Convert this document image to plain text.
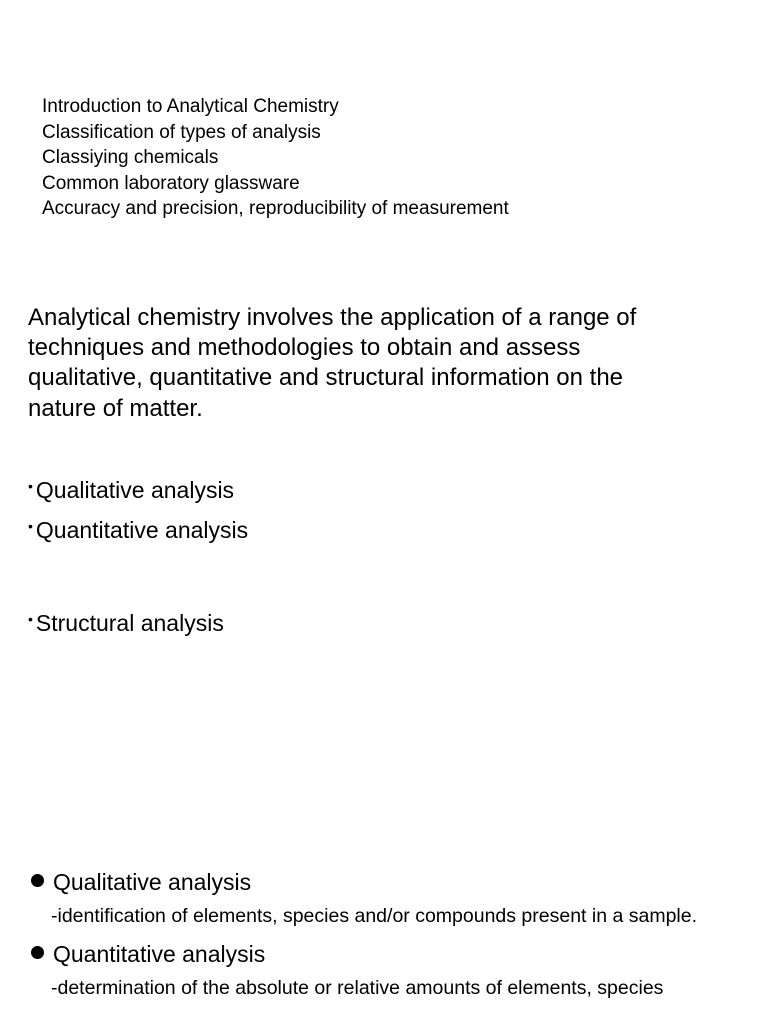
Introduction to Analytical Chemistry
Classification of types of analysis
Classiying chemicals
Common laboratory glassware
Accuracy and precision, reproducibility of measurement
Analytical chemistry involves the application of a range of
techniques and methodologies to obtain and assess
qualitative, quantitative and structural information on the
nature of matter.
• Qualitative analysis
• Quantitative analysis
• Structural analysis
Qualitative analysis
-identification of elements, species and/or compounds present in a sample.
Quantitative analysis
-determination of the absolute or relative amounts of elements, species
